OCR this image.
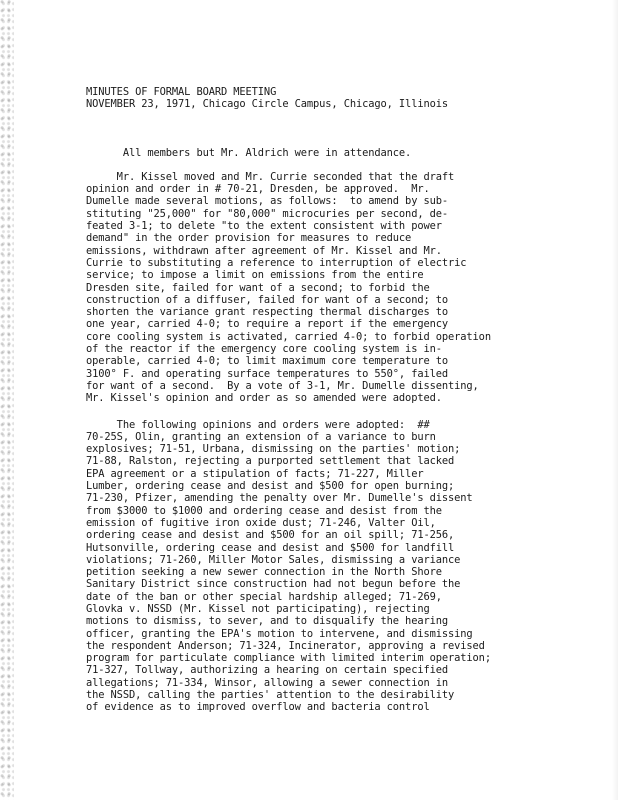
MINUTES OF FORMAL BOARD MEETING
NOVEMBER 23, 1971, Chicago Circle Campus, Chicago, Illinois
All members but Mr. Aldrich were in attendance.
Mr. Kissel moved and Mr. Currie seconded that the draft
opinion and order in # 70-21, Dresden, be approved.  Mr.
Dumelle made several motions, as follows:  to amend by sub-
stituting "25,000" for "80,000" microcuries per second, de-
feated 3-1; to delete "to the extent consistent with power
demand" in the order provision for measures to reduce
emissions, withdrawn after agreement of Mr. Kissel and Mr.
Currie to substituting a reference to interruption of electric
service; to impose a limit on emissions from the entire
Dresden site, failed for want of a second; to forbid the
construction of a diffuser, failed for want of a second; to
shorten the variance grant respecting thermal discharges to
one year, carried 4-0; to require a report if the emergency
core cooling system is activated, carried 4-0; to forbid operation
of the reactor if the emergency core cooling system is in-
operable, carried 4-0; to limit maximum core temperature to
3100° F. and operating surface temperatures to 550°, failed
for want of a second.  By a vote of 3-1, Mr. Dumelle dissenting,
Mr. Kissel's opinion and order as so amended were adopted.
The following opinions and orders were adopted:  ##
70-25S, Olin, granting an extension of a variance to burn
explosives; 71-51, Urbana, dismissing on the parties' motion;
71-88, Ralston, rejecting a purported settlement that lacked
EPA agreement or a stipulation of facts; 71-227, Miller
Lumber, ordering cease and desist and $500 for open burning;
71-230, Pfizer, amending the penalty over Mr. Dumelle's dissent
from $3000 to $1000 and ordering cease and desist from the
emission of fugitive iron oxide dust; 71-246, Valter Oil,
ordering cease and desist and $500 for an oil spill; 71-256,
Hutsonville, ordering cease and desist and $500 for landfill
violations; 71-260, Miller Motor Sales, dismissing a variance
petition seeking a new sewer connection in the North Shore
Sanitary District since construction had not begun before the
date of the ban or other special hardship alleged; 71-269,
Glovka v. NSSD (Mr. Kissel not participating), rejecting
motions to dismiss, to sever, and to disqualify the hearing
officer, granting the EPA's motion to intervene, and dismissing
the respondent Anderson; 71-324, Incinerator, approving a revised
program for particulate compliance with limited interim operation;
71-327, Tollway, authorizing a hearing on certain specified
allegations; 71-334, Winsor, allowing a sewer connection in
the NSSD, calling the parties' attention to the desirability
of evidence as to improved overflow and bacteria control
